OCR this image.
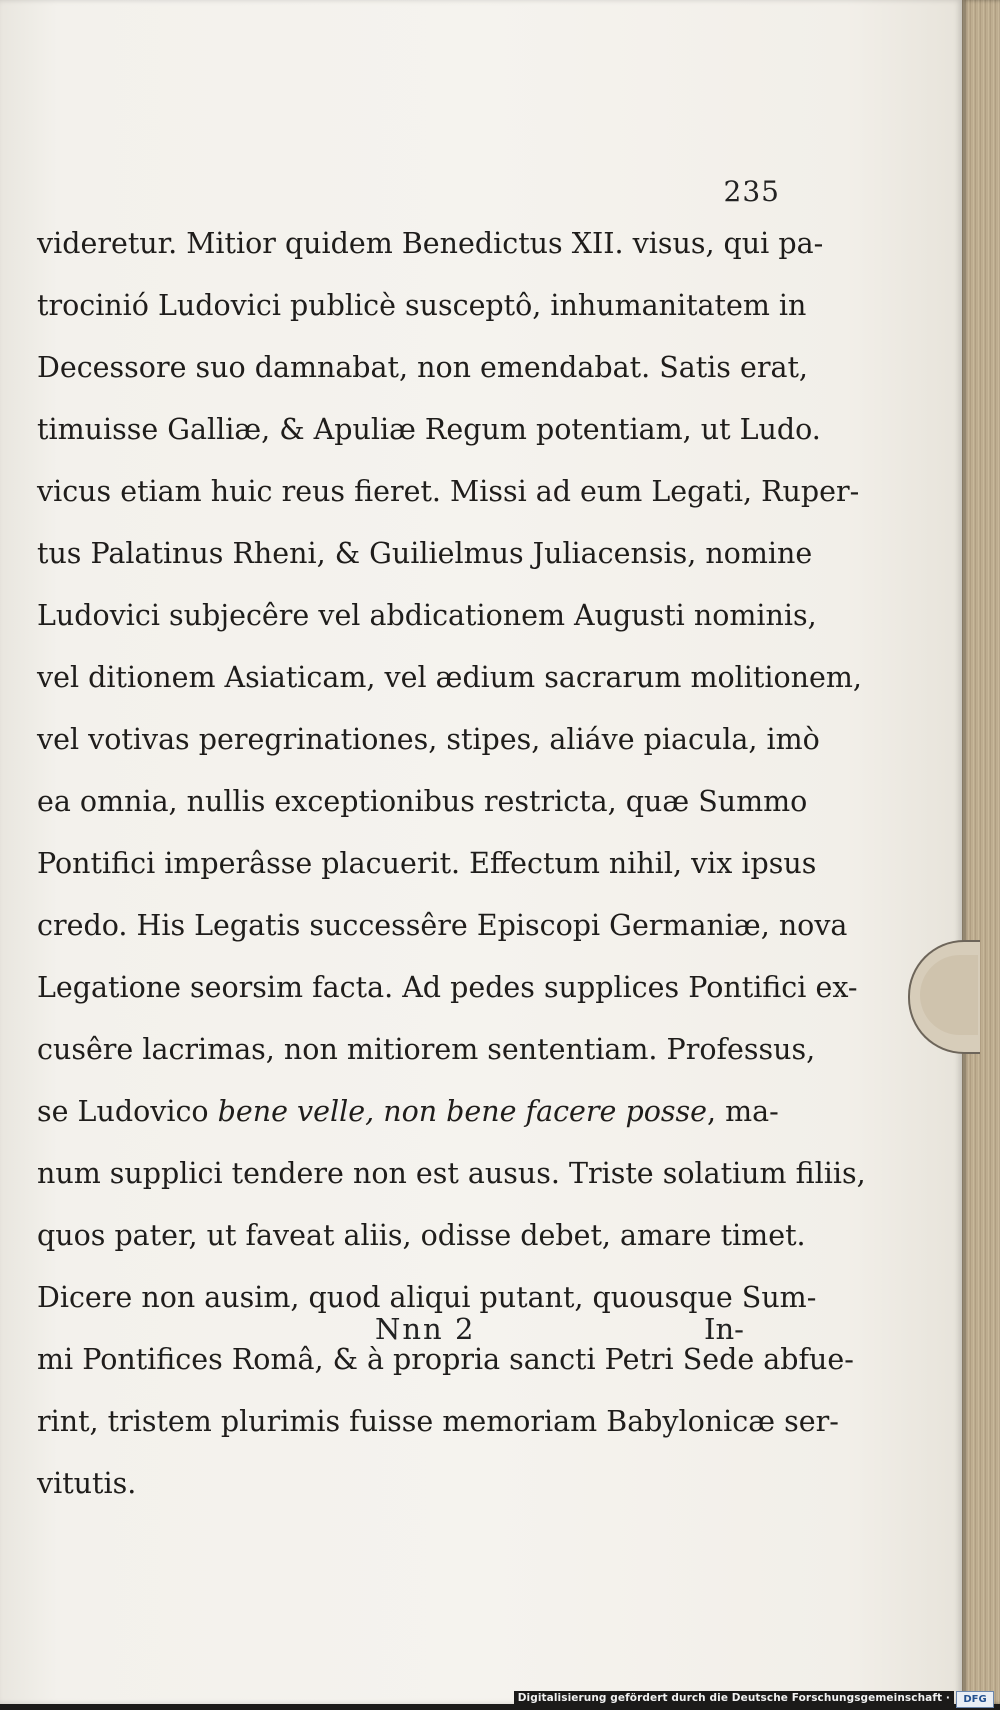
235
videretur. Mitior quidem Benedictus XII. visus, qui pa-
trocinió Ludovici publicè susceptô, inhumanitatem in
Decessore suo damnabat, non emendabat. Satis erat,
timuisse Galliæ, & Apuliæ Regum potentiam, ut Ludo.
vicus etiam huic reus fieret. Missi ad eum Legati, Ruper-
tus Palatinus Rheni, & Guilielmus Juliacensis, nomine
Ludovici subjecêre vel abdicationem Augusti nominis,
vel ditionem Asiaticam, vel ædium sacrarum molitionem,
vel votivas peregrinationes, stipes, aliáve piacula, imò
ea omnia, nullis exceptionibus restricta, quæ Summo
Pontifici imperâsse placuerit. Effectum nihil, vix ipsus
credo. His Legatis successêre Episcopi Germaniæ, nova
Legatione seorsim facta. Ad pedes supplices Pontifici ex-
cusêre lacrimas, non mitiorem sententiam. Professus,
se Ludovico bene velle, non bene facere posse, ma-
num supplici tendere non est ausus. Triste solatium filiis,
quos pater, ut faveat aliis, odisse debet, amare timet.
Dicere non ausim, quod aliqui putant, quousque Sum-
mi Pontifices Româ, & à propria sancti Petri Sede abfue-
rint, tristem plurimis fuisse memoriam Babylonicæ ser-
vitutis.
Nnn 2	In-
Digitalisierung gefördert durch die Deutsche Forschungsgemeinschaft ·	DFG
